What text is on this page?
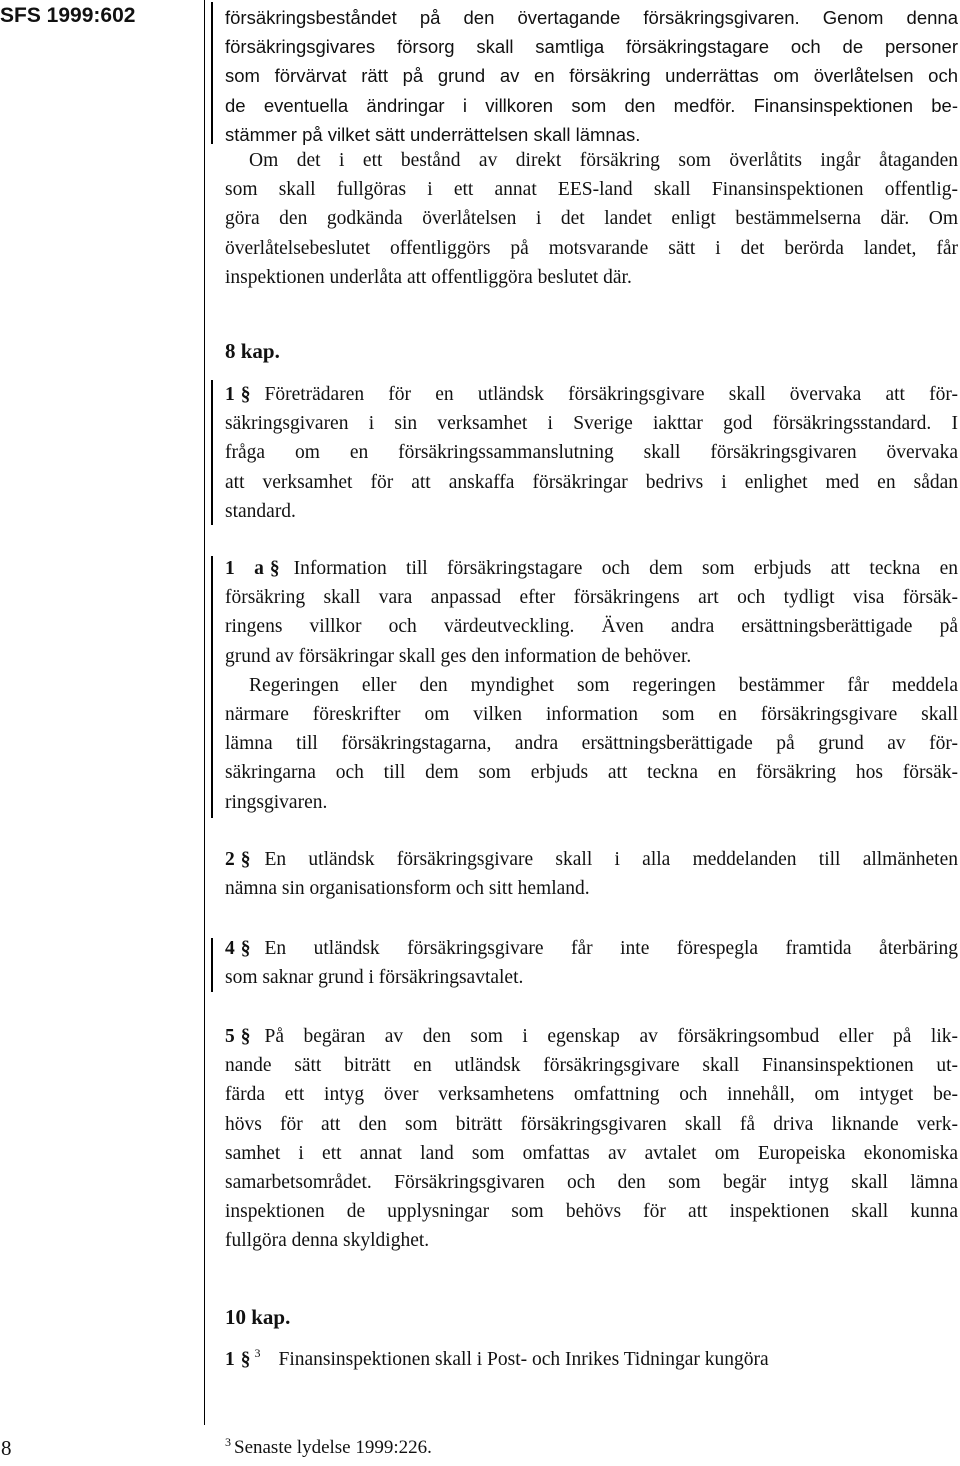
SFS 1999:602	försäkringsbeståndet på den övertagande försäkringsgivaren. Genom denna
försäkringsgivares försorg skall samtliga försäkringstagare och de personer
som förvärvat rätt på grund av en försäkring underrättas om överlåtelsen och
de eventuella ändringar i villkoren som den medför. Finansinspektionen be-
stämmer på vilket sätt underrättelsen skall lämnas.
Om det i ett bestånd av direkt försäkring som överlåtits ingår åtaganden
som skall fullgöras i ett annat EES-land skall Finansinspektionen offentlig-
göra den godkända överlåtelsen i det landet enligt bestämmelserna där. Om
överlåtelsebeslutet offentliggörs på motsvarande sätt i det berörda landet, får
inspektionen underlåta att offentliggöra beslutet där.
8 kap.
1 § Företrädaren för en utländsk försäkringsgivare skall övervaka att för-
säkringsgivaren i sin verksamhet i Sverige iakttar god försäkringsstandard. I
fråga om en försäkringssammanslutning skall försäkringsgivaren övervaka
att verksamhet för att anskaffa försäkringar bedrivs i enlighet med en sådan
standard.
1 a § Information till försäkringstagare och dem som erbjuds att teckna en
försäkring skall vara anpassad efter försäkringens art och tydligt visa försäk-
ringens villkor och värdeutveckling. Även andra ersättningsberättigade på
grund av försäkringar skall ges den information de behöver.
Regeringen eller den myndighet som regeringen bestämmer får meddela
närmare föreskrifter om vilken information som en försäkringsgivare skall
lämna till försäkringstagarna, andra ersättningsberättigade på grund av för-
säkringarna och till dem som erbjuds att teckna en försäkring hos försäk-
ringsgivaren.
2 § En utländsk försäkringsgivare skall i alla meddelanden till allmänheten
nämna sin organisationsform och sitt hemland.
4 § En utländsk försäkringsgivare får inte förespegla framtida återbäring
som saknar grund i försäkringsavtalet.
5 § På begäran av den som i egenskap av försäkringsombud eller på lik-
nande sätt biträtt en utländsk försäkringsgivare skall Finansinspektionen ut-
färda ett intyg över verksamhetens omfattning och innehåll, om intyget be-
hövs för att den som biträtt försäkringsgivaren skall få driva liknande verk-
samhet i ett annat land som omfattas av avtalet om Europeiska ekonomiska
samarbetsområdet. Försäkringsgivaren och den som begär intyg skall lämna
inspektionen de upplysningar som behövs för att inspektionen skall kunna
fullgöra denna skyldighet.
10 kap.
1 § $^3$ Finansinspektionen skall i Post- och Inrikes Tidningar kungöra
8	$^3$ Senaste lydelse 1999:226.
